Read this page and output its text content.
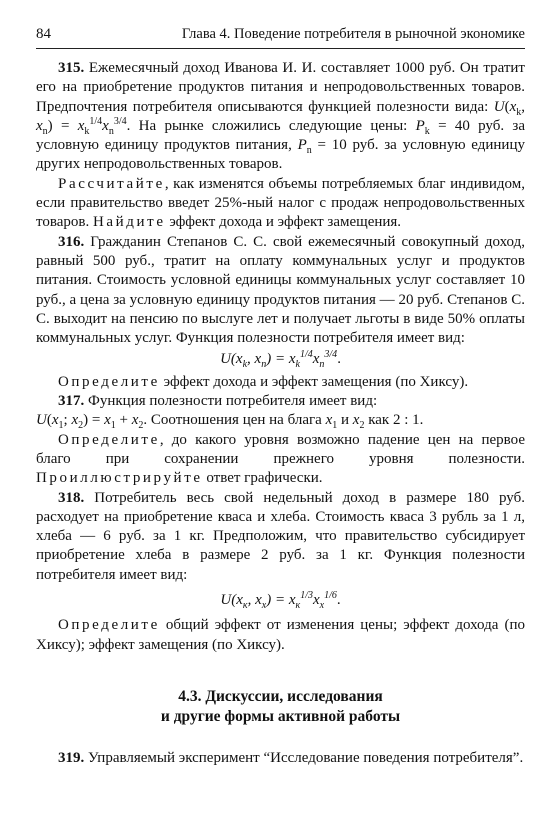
84	Глава 4. Поведение потребителя в рыночной экономике

315. Ежемесячный доход Иванова И. И. составляет 1000 руб. Он тратит его на приобретение продуктов питания и непродовольственных товаров. Предпочтения потребителя описываются функцией полезности вида: $U(x_k$, $x_n) = x_k^{1/4}x_n^{3/4}$. На рынке сложились следующие цены: $P_k = 40$ руб. за условную единицу продуктов питания, $P_n = 10$ руб. за условную единицу других непродовольственных товаров.

Рассчитайте, как изменятся объемы потребляемых благ индивидом, если правительство введет 25%-ный налог с продаж непродовольственных товаров. Найдите эффект дохода и эффект замещения.

316. Гражданин Степанов С. С. свой ежемесячный совокупный доход, равный 500 руб., тратит на оплату коммунальных услуг и продуктов питания. Стоимость условной единицы коммунальных услуг составляет 10 руб., а цена за условную единицу продуктов питания — 20 руб. Степанов С. С. выходит на пенсию по выслуге лет и получает льготы в виде 50% оплаты коммунальных услуг. Функция полезности потребителя имеет вид:

$U(x_k$, $x_n) = x_k^{1/4}x_n^{3/4}$.

Определите эффект дохода и эффект замещения (по Хиксу).

317. Функция полезности потребителя имеет вид:

$U(x_1$; $x_2) = x_1 + x_2$. Соотношения цен на блага $x_1$ и $x_2$ как 2 : 1.

Определите, до какого уровня возможно падение цен на первое благо при сохранении прежнего уровня полезности. Проиллюстрируйте ответ графически.

318. Потребитель весь свой недельный доход в размере 180 руб. расходует на приобретение кваса и хлеба. Стоимость кваса 3 рубль за 1 л, хлеба — 6 руб. за 1 кг. Предположим, что правительство субсидирует приобретение хлеба в размере 2 руб. за 1 кг. Функция полезности потребителя имеет вид:

$U(x_к$, $x_х) = x_к^{1/3}x_х^{1/6}$.

Определите общий эффект от изменения цены; эффект дохода (по Хиксу); эффект замещения (по Хиксу).

4.3. Дискуссии, исследования
и другие формы активной работы

319. Управляемый эксперимент “Исследование поведения потребителя”.
